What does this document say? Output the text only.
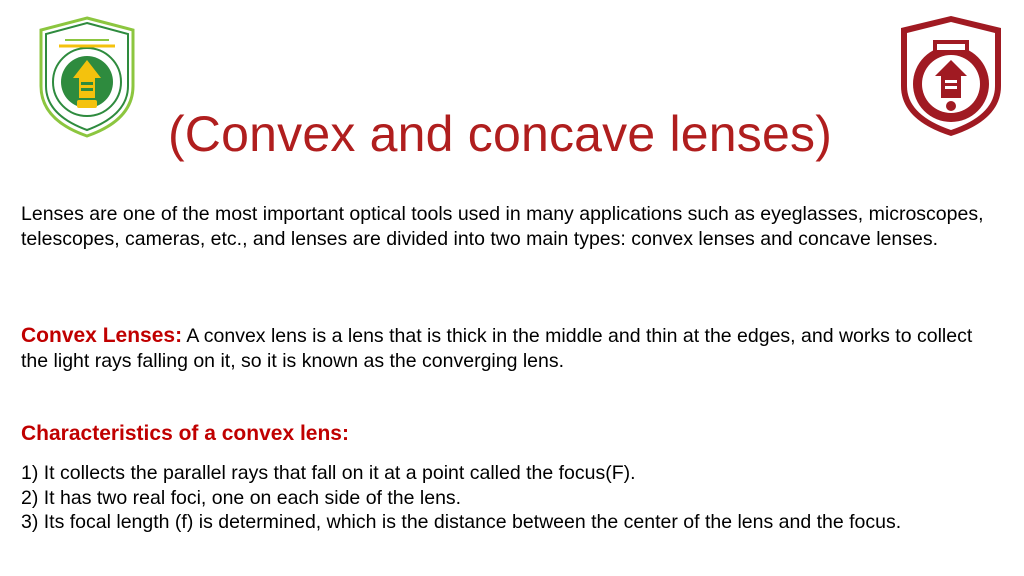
(Convex and concave lenses)

Lenses are one of the most important optical tools used in many applications such as eyeglasses, microscopes, telescopes, cameras, etc., and lenses are divided into two main types: convex lenses and concave lenses.

Convex Lenses: A convex lens is a lens that is thick in the middle and thin at the edges, and works to collect the light rays falling on it, so it is known as the converging lens.

Characteristics of a convex lens:

1) It collects the parallel rays that fall on it at a point called the focus(F).
2) It has two real foci, one on each side of the lens.
3) Its focal length (f) is determined, which is the distance between the center of the lens and the focus.
